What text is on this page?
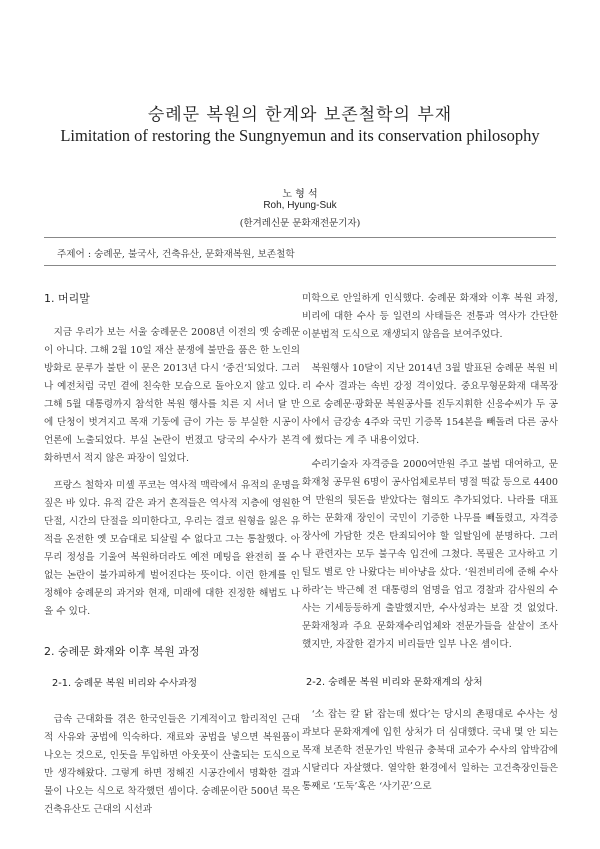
숭례문 복원의 한계와 보존철학의 부재
Limitation of restoring the Sungnyemun and its conservation philosophy
노 형 석
Roh, Hyung-Suk
(한겨레신문 문화재전문기자)
주제어 : 숭례문, 불국사, 건축유산, 문화재복원, 보존철학
1. 머리말

지금 우리가 보는 서울 숭례문은 2008년 이전의 옛 숭례문이 아니다. 그해 2월 10일 재산 분쟁에 불만을 품은 한 노인의 방화로 문루가 불탄 이 문은 2013년 다시 ‘중건’되었다. 그러나 예전처럼 국민 곁에 친숙한 모습으로 돌아오지 않고 있다. 그해 5월 대통령까지 참석한 복원 행사를 치른 지 서너 달 만에 단청이 벗겨지고 목재 기둥에 금이 가는 등 부실한 시공이 언론에 노출되었다. 부실 논란이 번졌고 당국의 수사가 본격화하면서 적지 않은 파장이 일었다.

프랑스 철학자 미셸 푸코는 역사적 맥락에서 유적의 운명을 짚은 바 있다. 유적 같은 과거 흔적들은 역사적 지층에 영원한 단절, 시간의 단절을 의미한다고, 우리는 결코 원형을 잃은 유적을 온전한 옛 모습대로 되살릴 수 없다고 그는 통찰했다. 아무리 정성을 기울여 복원하더라도 예전 메팅을 완전히 풀 수 없는 논란이 불가피하게 벌어진다는 뜻이다. 이런 한계를 인정해야 숭례문의 과거와 현재, 미래에 대한 진정한 해법도 나올 수 있다.

2. 숭례문 화재와 이후 복원 과정
2-1. 숭례문 복원 비리와 수사과정

급속 근대화를 겪은 한국인들은 기계적이고 합리적인 근대적 사유와 공법에 익숙하다. 재료와 공법을 넣으면 복원품이 나오는 것으로, 인돗을 투입하면 아웃풋이 산출되는 도식으로만 생각해왔다. 그렇게 하면 정해진 시공간에서 명확한 결과물이 나오는 식으로 착각했던 셈이다. 숭례문이란 500년 묵은 건축유산도 근대의 시선과

미학으로 안일하게 인식했다. 숭례문 화재와 이후 복원 과정, 비리에 대한 수사 등 일련의 사태들은 전통과 역사가 간단한 이분법적 도식으로 재생되지 않음을 보여주었다.

복원행사 10달이 지난 2014년 3월 발표된 숭례문 복원 비리 수사 결과는 속빈 강정 격이었다. 중요무형문화재 대목장으로 숭례문·광화문 복원공사를 진두지휘한 신응수씨가 두 공사에서 금강송 4주와 국민 기증목 154본을 빼돌려 다른 공사에 썼다는 게 주 내용이었다.

수리기술자 자격증을 2000여만원 주고 불법 대여하고, 문화재청 공무원 6명이 공사업체로부터 명절 떡값 등으로 4400여 만원의 뒷돈을 받았다는 혐의도 추가되었다. 나라를 대표하는 문화재 장인이 국민이 기증한 나무를 빼돌렸고, 자격증 장사에 가담한 것은 탄죄되어야 할 일탈임에 분명하다. 그러나 관련자는 모두 불구속 입건에 그쳤다. 목필은 고사하고 기틸도 별로 안 나왔다는 비아냥을 샀다. ‘원전비리에 준해 수사하라’는 박근혜 전 대통령의 엄명을 업고 경찰과 감사원의 수사는 기세등등하게 출발했지만, 수사성과는 보잘 것 없었다. 문화재청과 주요 문화재수리업체와 전문가들을 샅샅이 조사했지만, 자잘한 곁가지 비리들만 일부 나온 셈이다.

2-2. 숭례문 복원 비리와 문화재계의 상처

‘소 잡는 칼 닭 잡는데 썼다’는 당시의 촌평대로 수사는 성과보다 문화재계에 입힌 상처가 더 심대했다. 국내 몇 안 되는 목재 보존학 전문가인 박원규 충북대 교수가 수사의 압박감에 시달리다 자살했다. 열악한 환경에서 일하는 고건축장인들은 통째로 ‘도둑’혹은 ‘사기꾼’으로
